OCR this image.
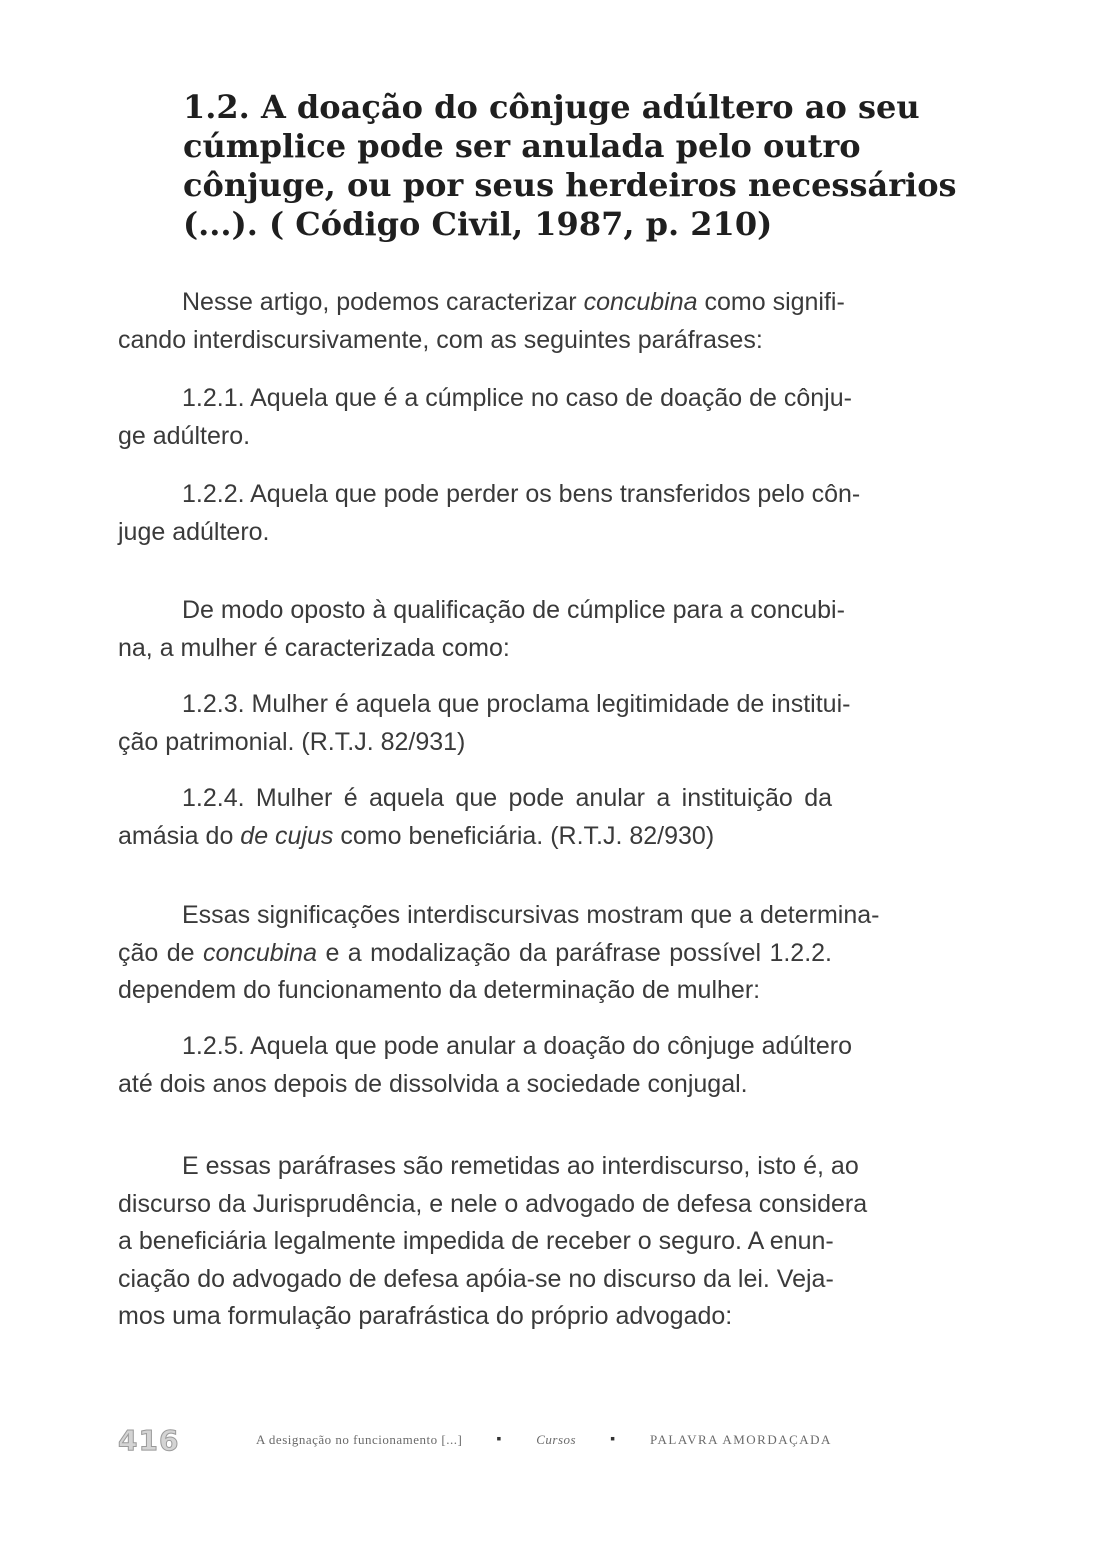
1.2. A doação do cônjuge adúltero ao seu
cúmplice pode ser anulada pelo outro
cônjuge, ou por seus herdeiros necessários
(...). ( Código Civil, 1987, p. 210)

Nesse artigo, podemos caracterizar concubina como signifi-
cando interdiscursivamente, com as seguintes paráfrases:

1.2.1. Aquela que é a cúmplice no caso de doação de cônju-
ge adúltero.

1.2.2. Aquela que pode perder os bens transferidos pelo côn-
juge adúltero.

De modo oposto à qualificação de cúmplice para a concubi-
na, a mulher é caracterizada como:

1.2.3. Mulher é aquela que proclama legitimidade de institui-
ção patrimonial. (R.T.J. 82/931)

1.2.4. Mulher é aquela que pode anular a instituição da
amásia do de cujus como beneficiária. (R.T.J. 82/930)

Essas significações interdiscursivas mostram que a determina-
ção de concubina e a modalização da paráfrase possível 1.2.2.
dependem do funcionamento da determinação de mulher:

1.2.5. Aquela que pode anular a doação do cônjuge adúltero
até dois anos depois de dissolvida a sociedade conjugal.

E essas paráfrases são remetidas ao interdiscurso, isto é, ao
discurso da Jurisprudência, e nele o advogado de defesa considera
a beneficiária legalmente impedida de receber o seguro. A enun-
ciação do advogado de defesa apóia-se no discurso da lei. Veja-
mos uma formulação parafrástica do próprio advogado:

416	A designação no funcionamento [...] ▪	Cursos ▪	PALAVRA AMORDAÇADA
